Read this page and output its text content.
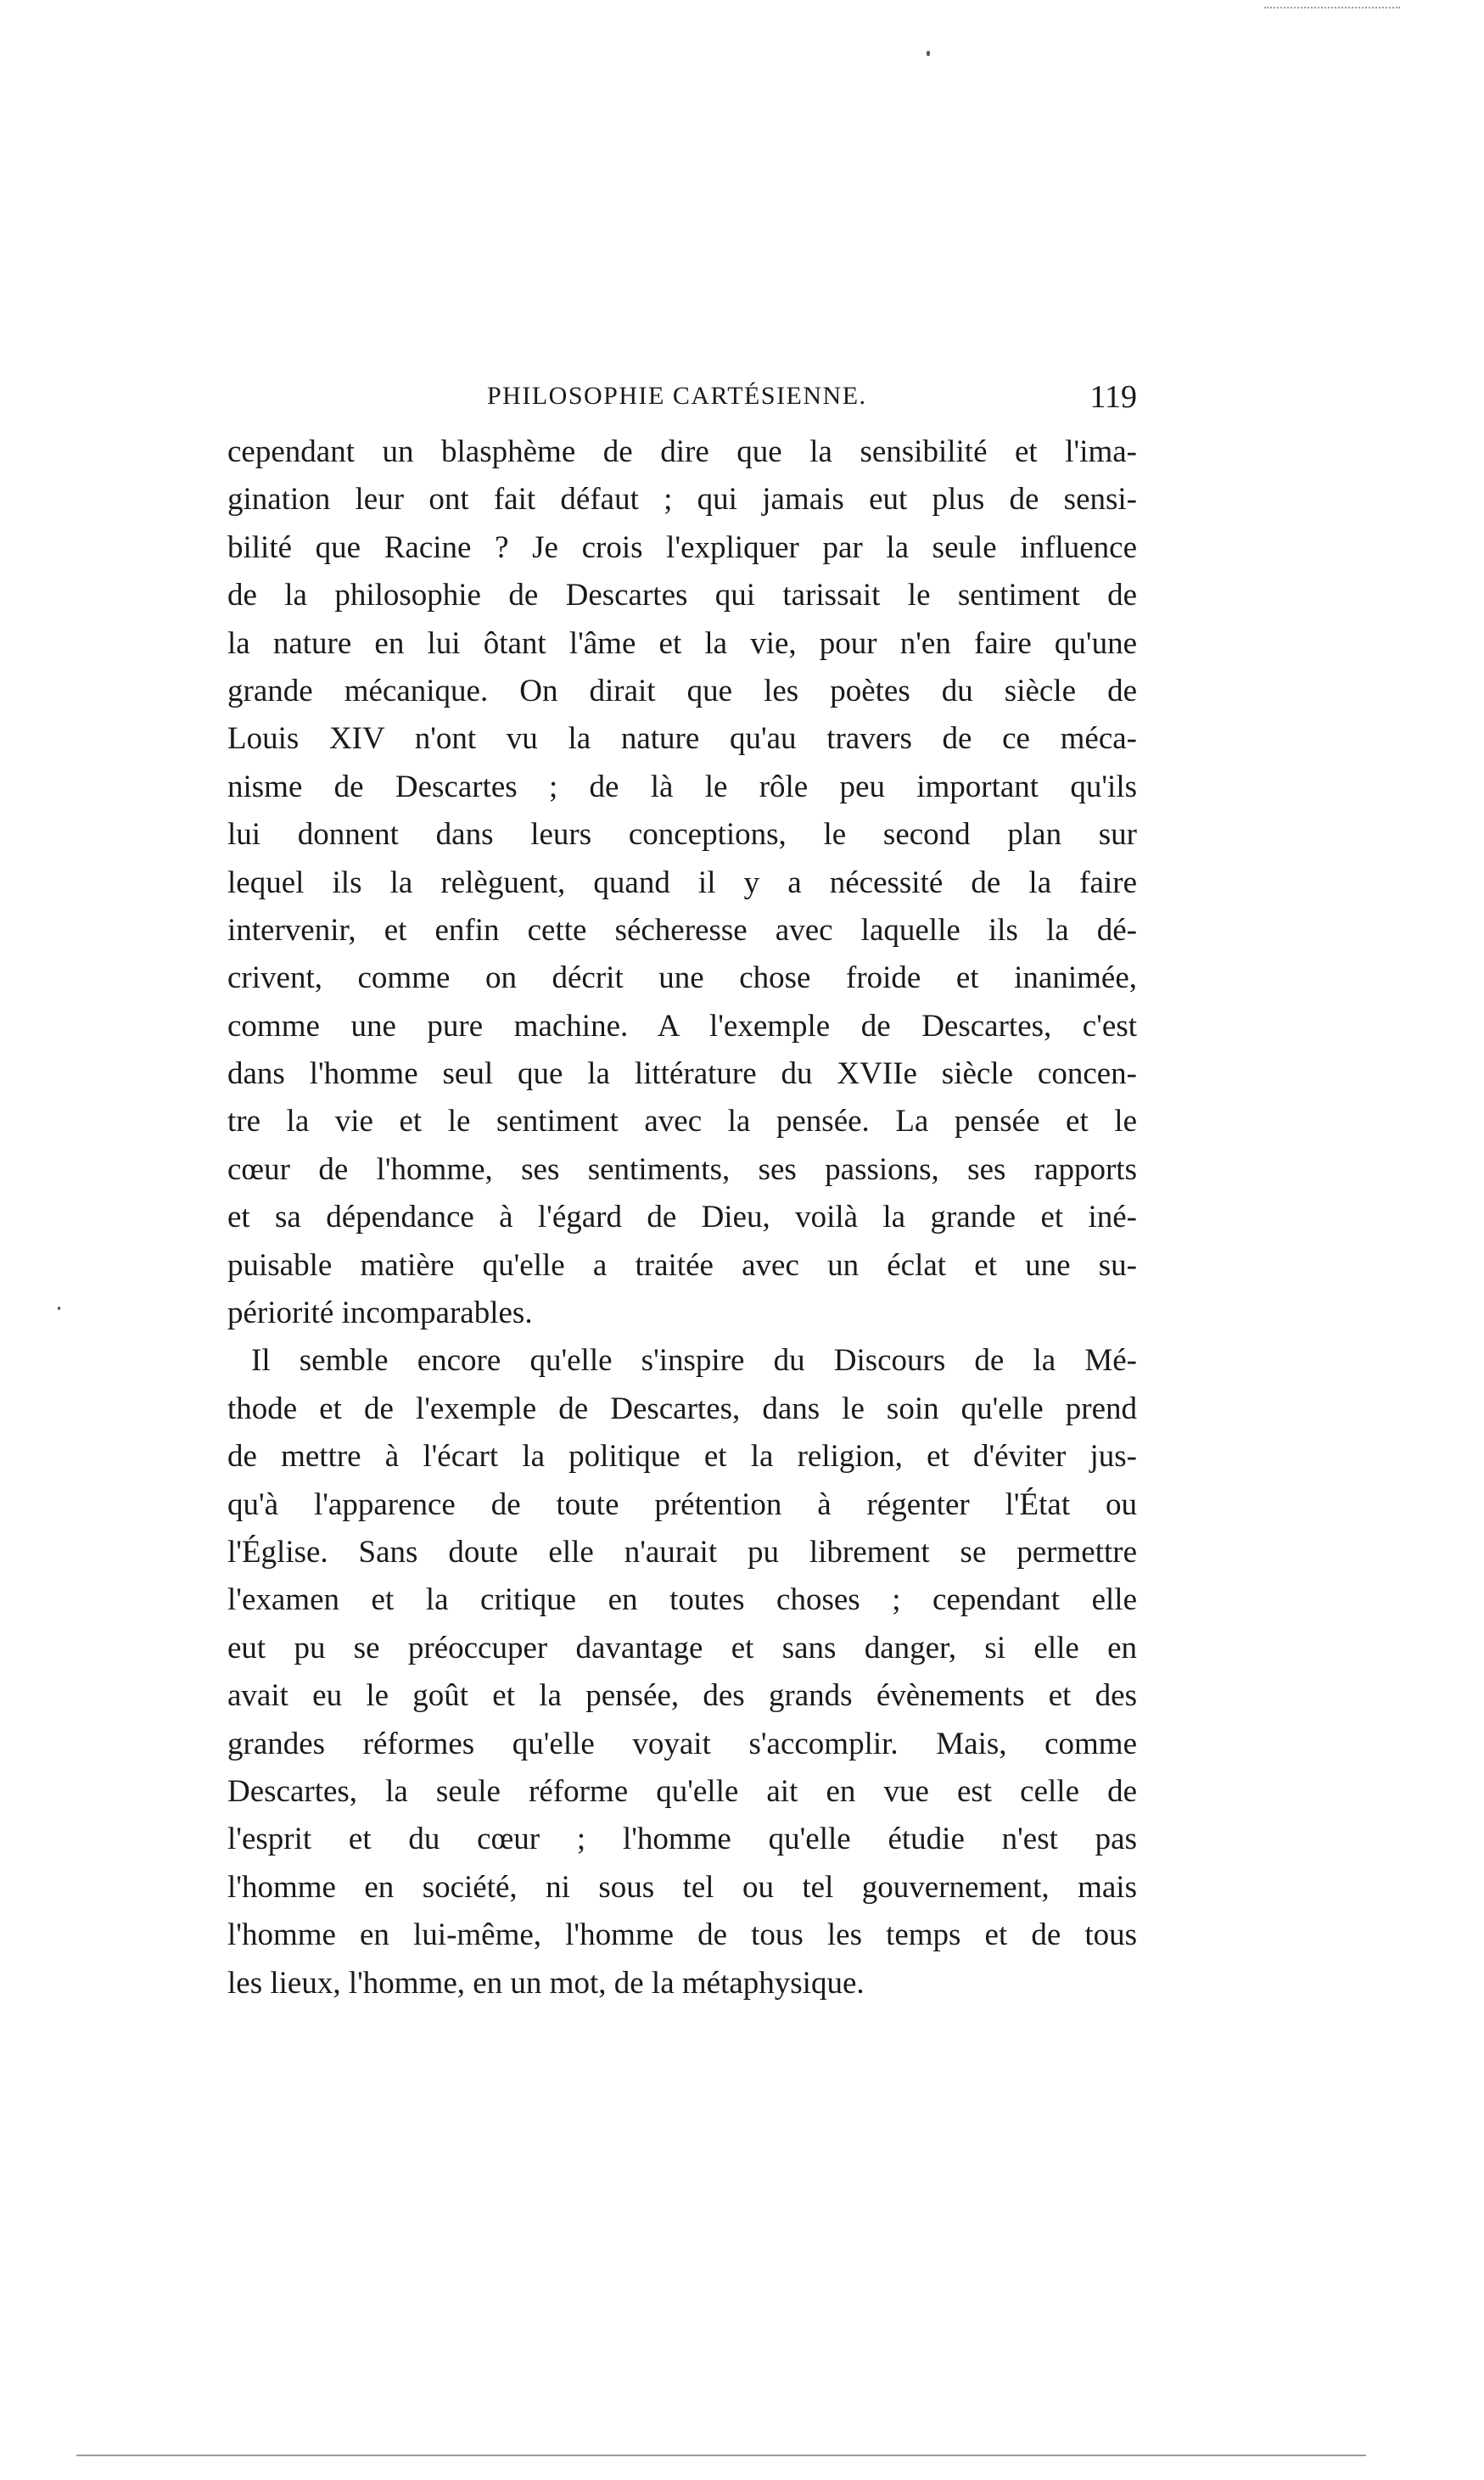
PHILOSOPHIE CARTÉSIENNE.	119
cependant un blasphème de dire que la sensibilité et l'ima-
gination leur ont fait défaut ; qui jamais eut plus de sensi-
bilité que Racine ? Je crois l'expliquer par la seule influence
de la philosophie de Descartes qui tarissait le sentiment de
la nature en lui ôtant l'âme et la vie, pour n'en faire qu'une
grande mécanique. On dirait que les poètes du siècle de
Louis XIV n'ont vu la nature qu'au travers de ce méca-
nisme de Descartes ; de là le rôle peu important qu'ils
lui donnent dans leurs conceptions, le second plan sur
lequel ils la relèguent, quand il y a nécessité de la faire
intervenir, et enfin cette sécheresse avec laquelle ils la dé-
crivent, comme on décrit une chose froide et inanimée,
comme une pure machine. A l'exemple de Descartes, c'est
dans l'homme seul que la littérature du XVIIe siècle concen-
tre la vie et le sentiment avec la pensée. La pensée et le
cœur de l'homme, ses sentiments, ses passions, ses rapports
et sa dépendance à l'égard de Dieu, voilà la grande et iné-
puisable matière qu'elle a traitée avec un éclat et une su-
périorité incomparables.
Il semble encore qu'elle s'inspire du Discours de la Mé-
thode et de l'exemple de Descartes, dans le soin qu'elle prend
de mettre à l'écart la politique et la religion, et d'éviter jus-
qu'à l'apparence de toute prétention à régenter l'État ou
l'Église. Sans doute elle n'aurait pu librement se permettre
l'examen et la critique en toutes choses ; cependant elle
eut pu se préoccuper davantage et sans danger, si elle en
avait eu le goût et la pensée, des grands évènements et des
grandes réformes qu'elle voyait s'accomplir. Mais, comme
Descartes, la seule réforme qu'elle ait en vue est celle de
l'esprit et du cœur ; l'homme qu'elle étudie n'est pas
l'homme en société, ni sous tel ou tel gouvernement, mais
l'homme en lui-même, l'homme de tous les temps et de tous
les lieux, l'homme, en un mot, de la métaphysique.
